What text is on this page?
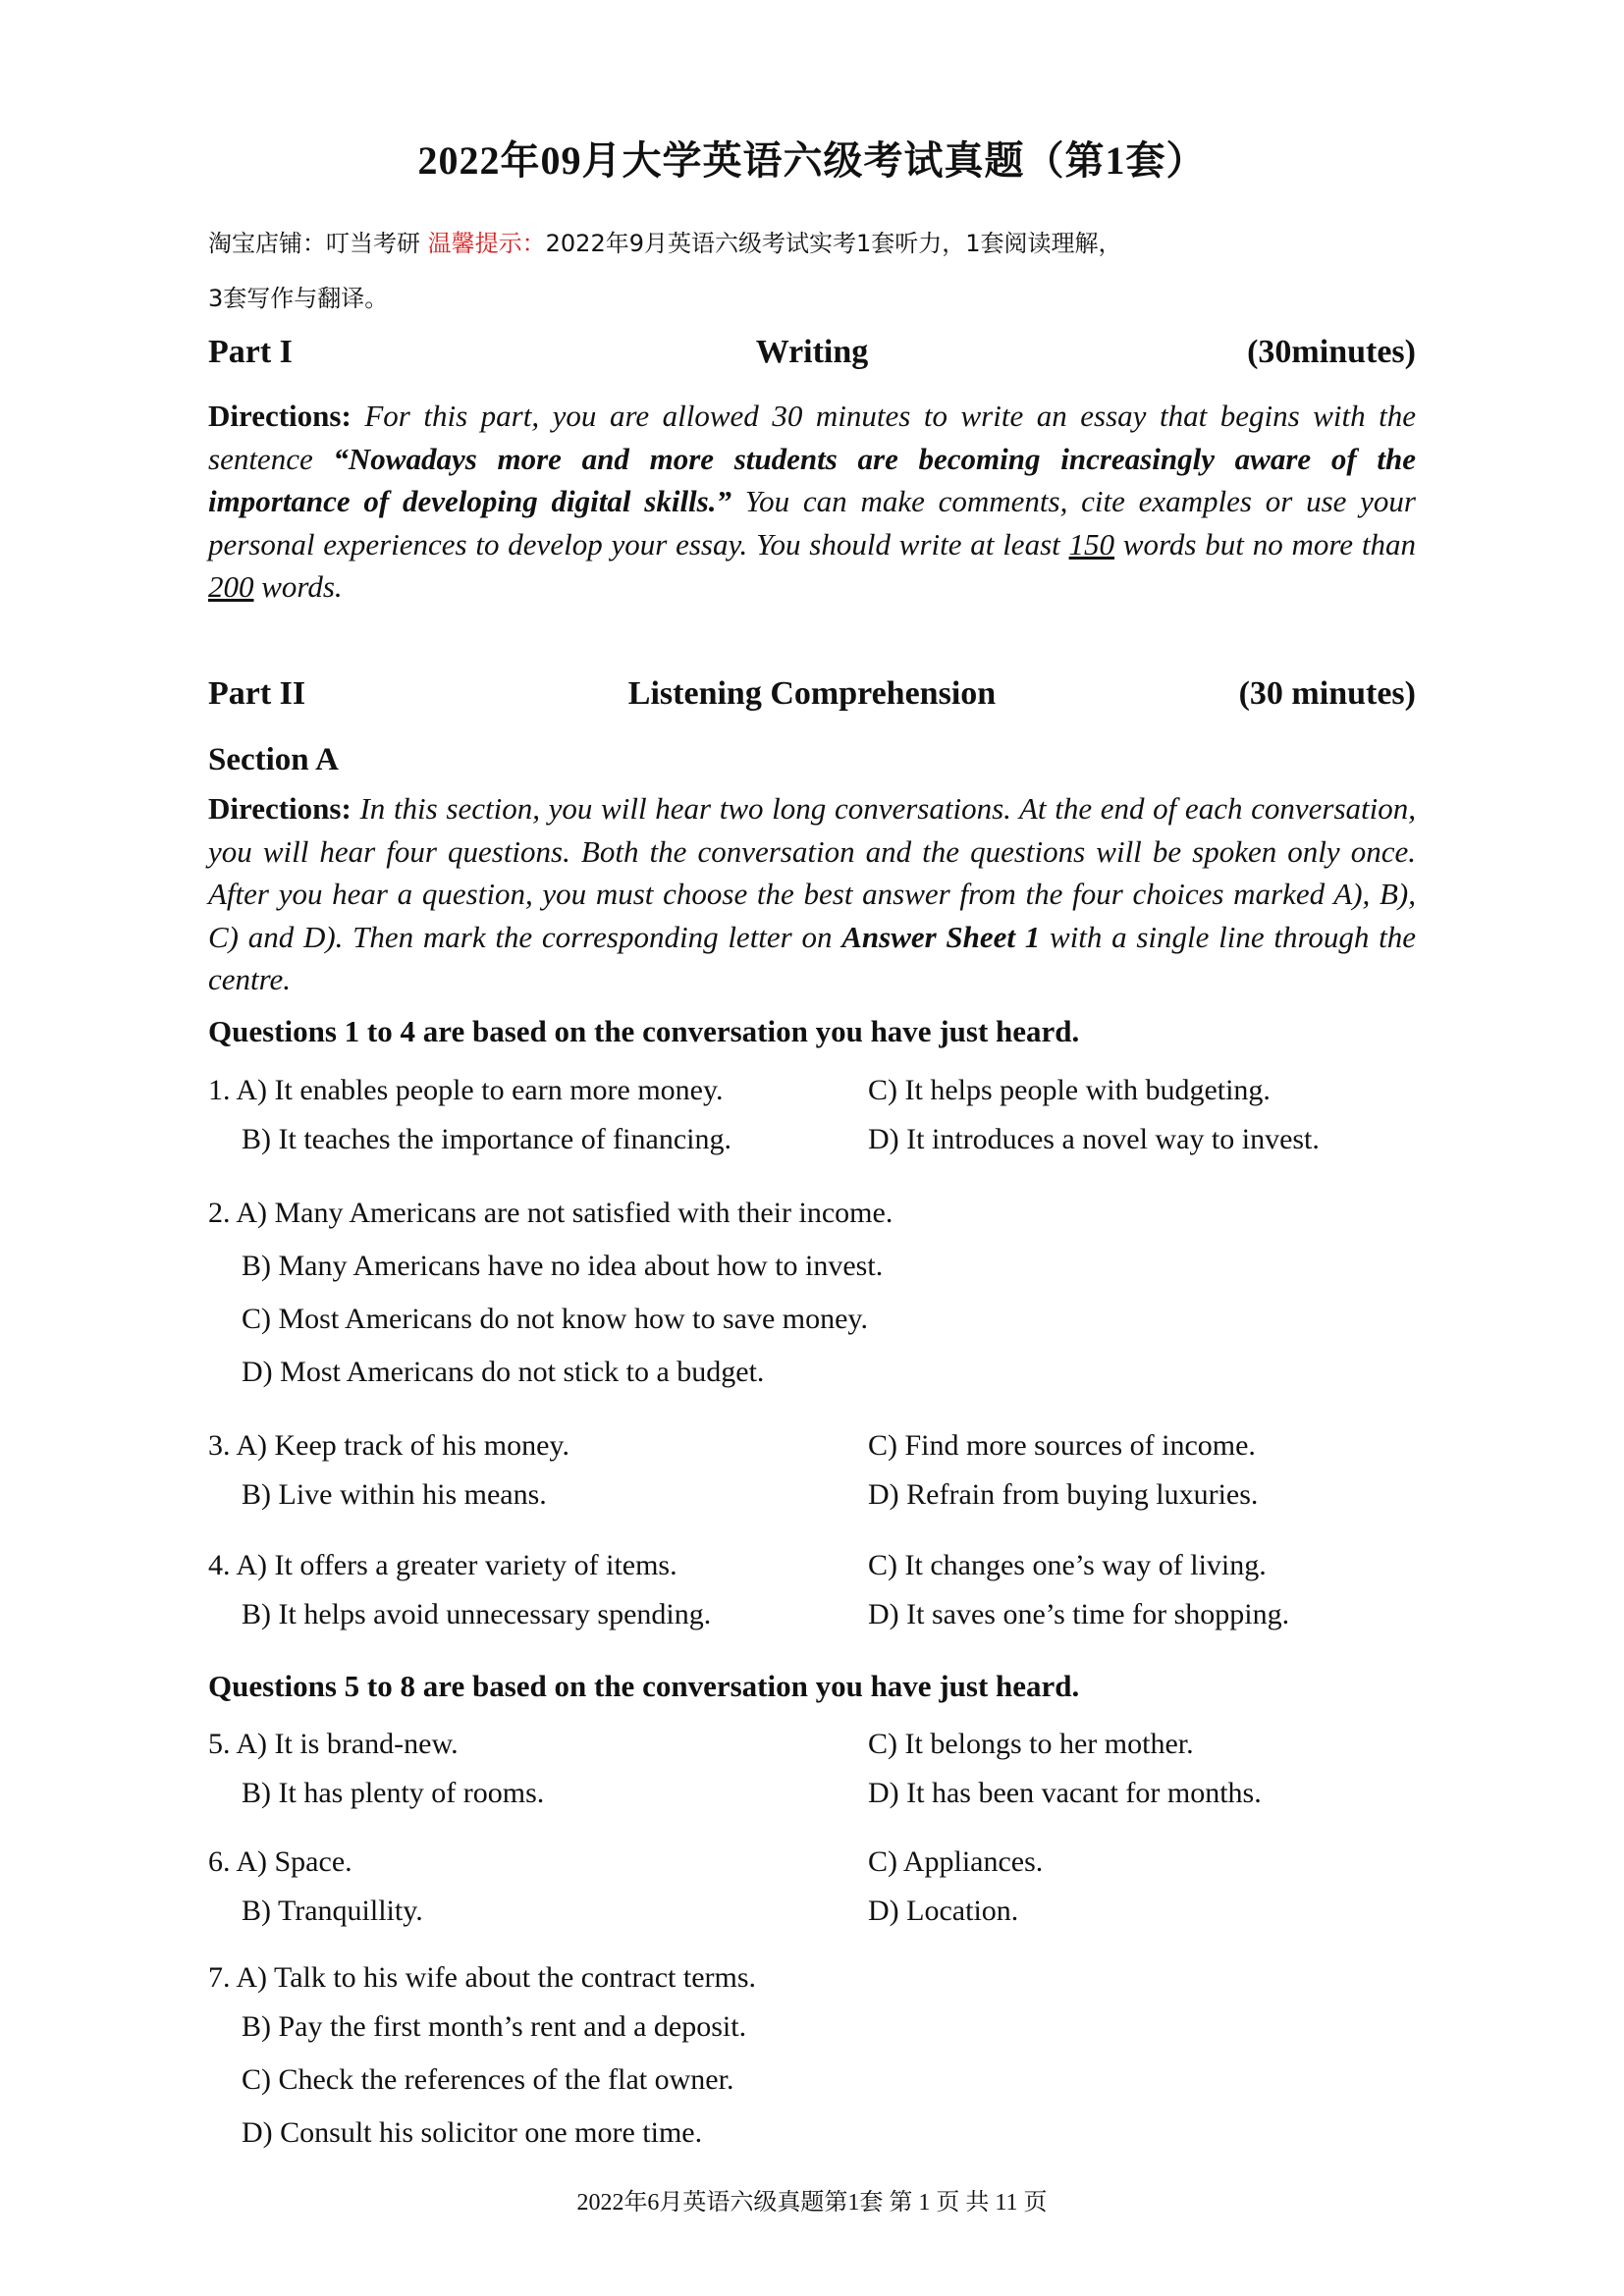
2022年09月大学英语六级考试真题（第1套）
淘宝店铺：叮当考研 温馨提示：2022年9月英语六级考试实考1套听力，1套阅读理解，
3套写作与翻译。
Part I	Writing	(30minutes)
Directions: For this part, you are allowed 30 minutes to write an essay that begins with the sentence “Nowadays more and more students are becoming increasingly aware of the importance of developing digital skills.” You can make comments, cite examples or use your personal experiences to develop your essay. You should write at least 150 words but no more than 200 words.
Part II	Listening Comprehension	(30 minutes)
Section A
Directions: In this section, you will hear two long conversations. At the end of each conversation, you will hear four questions. Both the conversation and the questions will be spoken only once. After you hear a question, you must choose the best answer from the four choices marked A), B), C) and D). Then mark the corresponding letter on Answer Sheet 1 with a single line through the centre.
Questions 1 to 4 are based on the conversation you have just heard.
1. A) It enables people to earn more money.	C) It helps people with budgeting.
B) It teaches the importance of financing.	D) It introduces a novel way to invest.
2. A) Many Americans are not satisfied with their income.
B) Many Americans have no idea about how to invest.
C) Most Americans do not know how to save money.
D) Most Americans do not stick to a budget.
3. A) Keep track of his money.	C) Find more sources of income.
B) Live within his means.	D) Refrain from buying luxuries.
4. A) It offers a greater variety of items.	C) It changes one’s way of living.
B) It helps avoid unnecessary spending.	D) It saves one’s time for shopping.
Questions 5 to 8 are based on the conversation you have just heard.
5. A) It is brand-new.	C) It belongs to her mother.
B) It has plenty of rooms.	D) It has been vacant for months.
6. A) Space.	C) Appliances.
B) Tranquillity.	D) Location.
7. A) Talk to his wife about the contract terms.
B) Pay the first month’s rent and a deposit.
C) Check the references of the flat owner.
D) Consult his solicitor one more time.
2022年6月英语六级真题第1套 第 1 页 共 11 页
